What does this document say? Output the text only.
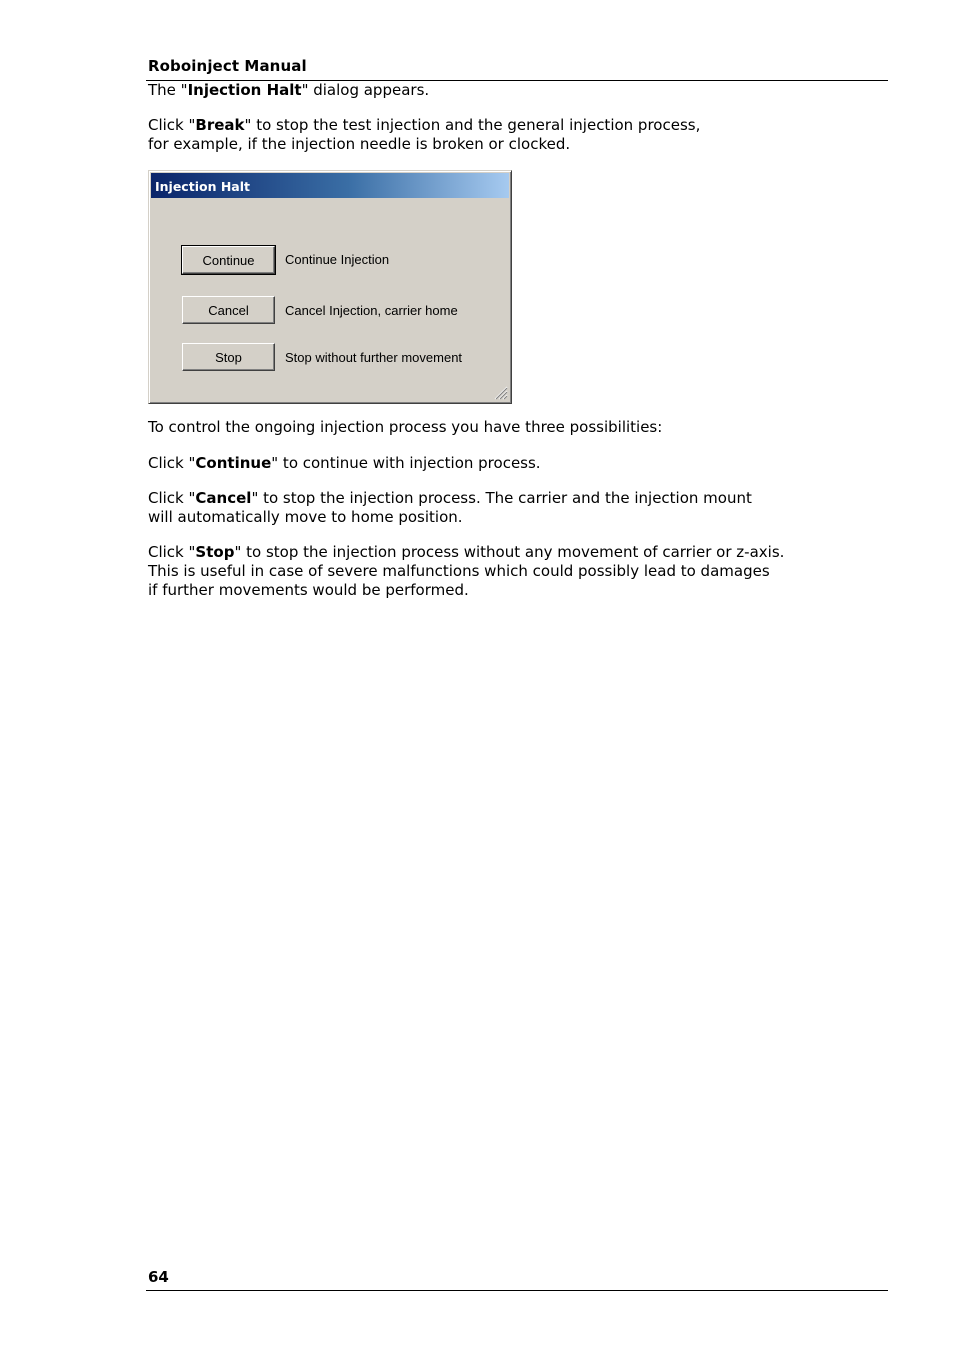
Roboinject Manual
The "Injection Halt" dialog appears.
Click "Break" to stop the test injection and the general injection process,
for example, if the injection needle is broken or clocked.
Injection Halt
Continue	Continue Injection
Cancel	Cancel Injection, carrier home
Stop	Stop without further movement
To control the ongoing injection process you have three possibilities:
Click "Continue" to continue with injection process.
Click "Cancel" to stop the injection process. The carrier and the injection mount
will automatically move to home position.
Click "Stop" to stop the injection process without any movement of carrier or z-axis.
This is useful in case of severe malfunctions which could possibly lead to damages
if further movements would be performed.
64
